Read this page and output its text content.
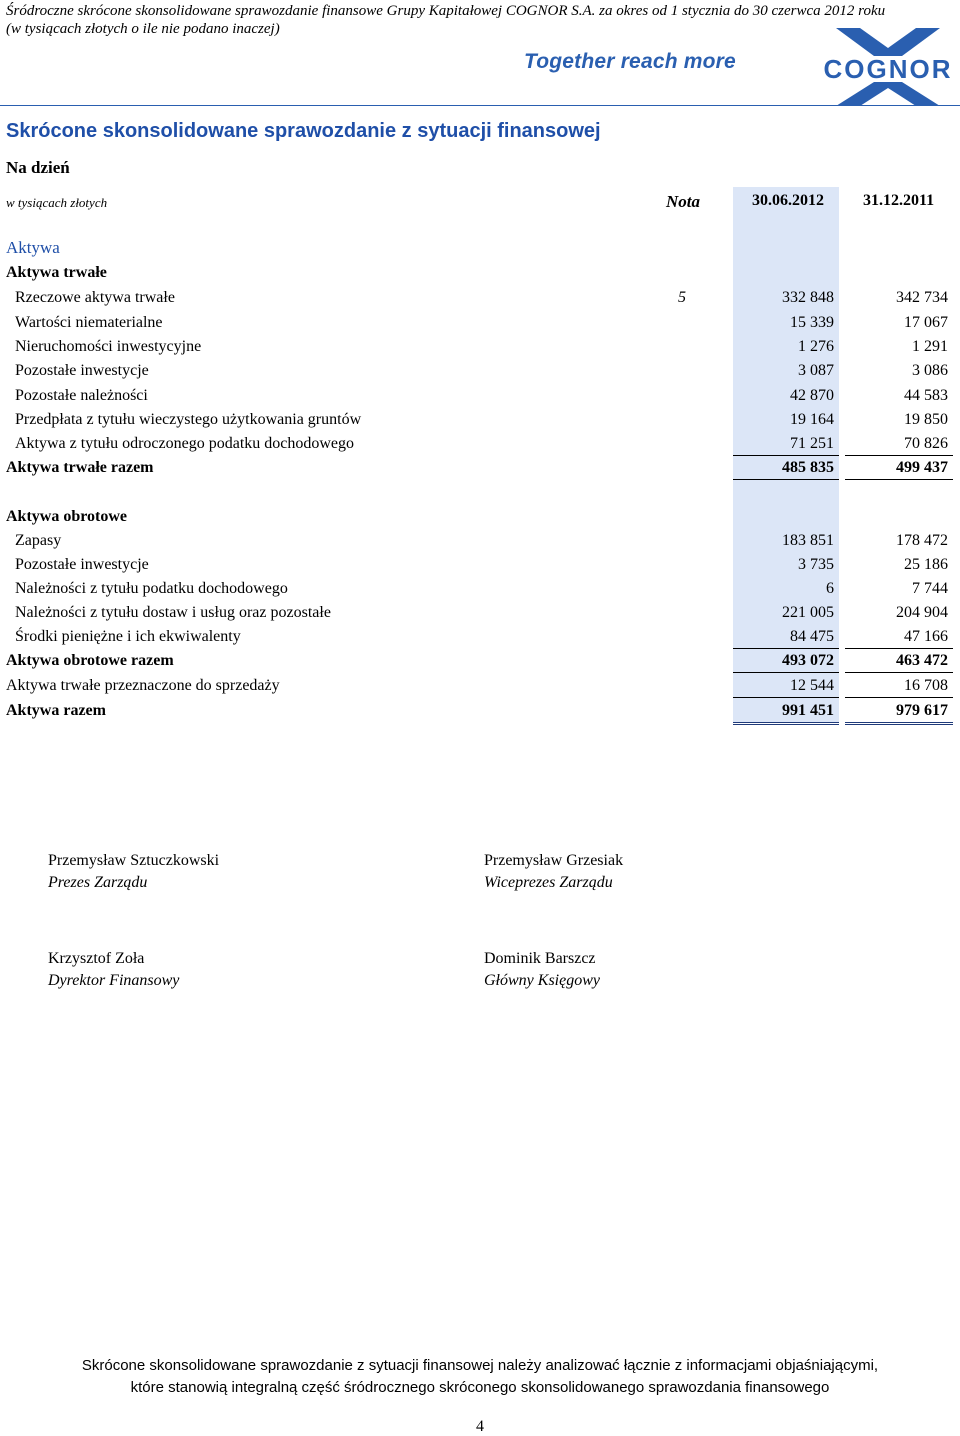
Śródroczne skrócone skonsolidowane sprawozdanie finansowe Grupy Kapitałowej COGNOR S.A. za okres od 1 stycznia do 30 czerwca 2012 roku
(w tysiącach złotych o ile nie podano inaczej)
Together reach more	COGNOR
Skrócone skonsolidowane sprawozdanie z sytuacji finansowej
Na dzień
w tysiącach złotych	Nota	30.06.2012 31.12.2011
Aktywa
Aktywa trwałe
Rzeczowe aktywa trwałe	5	332 848	342 734
Wartości niematerialne	15 339	17 067
Nieruchomości inwestycyjne	1 276	1 291
Pozostałe inwestycje	3 087	3 086
Pozostałe należności	42 870	44 583
Przedpłata z tytułu wieczystego użytkowania gruntów	19 164	19 850
Aktywa z tytułu odroczonego podatku dochodowego	71 251	70 826
Aktywa trwałe razem	485 835	499 437
Aktywa obrotowe
Zapasy	183 851	178 472
Pozostałe inwestycje	3 735	25 186
Należności z tytułu podatku dochodowego	6	7 744
Należności z tytułu dostaw i usług oraz pozostałe	221 005	204 904
Środki pieniężne i ich ekwiwalenty	84 475	47 166
Aktywa obrotowe razem	493 072	463 472
Aktywa trwałe przeznaczone do sprzedaży	12 544	16 708
Aktywa razem	991 451	979 617
Przemysław Sztuczkowski
Prezes Zarządu
Przemysław Grzesiak
Wiceprezes Zarządu
Krzysztof Zoła
Dyrektor Finansowy
Dominik Barszcz
Główny Księgowy
Skrócone skonsolidowane sprawozdanie z sytuacji finansowej należy analizować łącznie z informacjami objaśniającymi,
które stanowią integralną część śródrocznego skróconego skonsolidowanego sprawozdania finansowego
4
